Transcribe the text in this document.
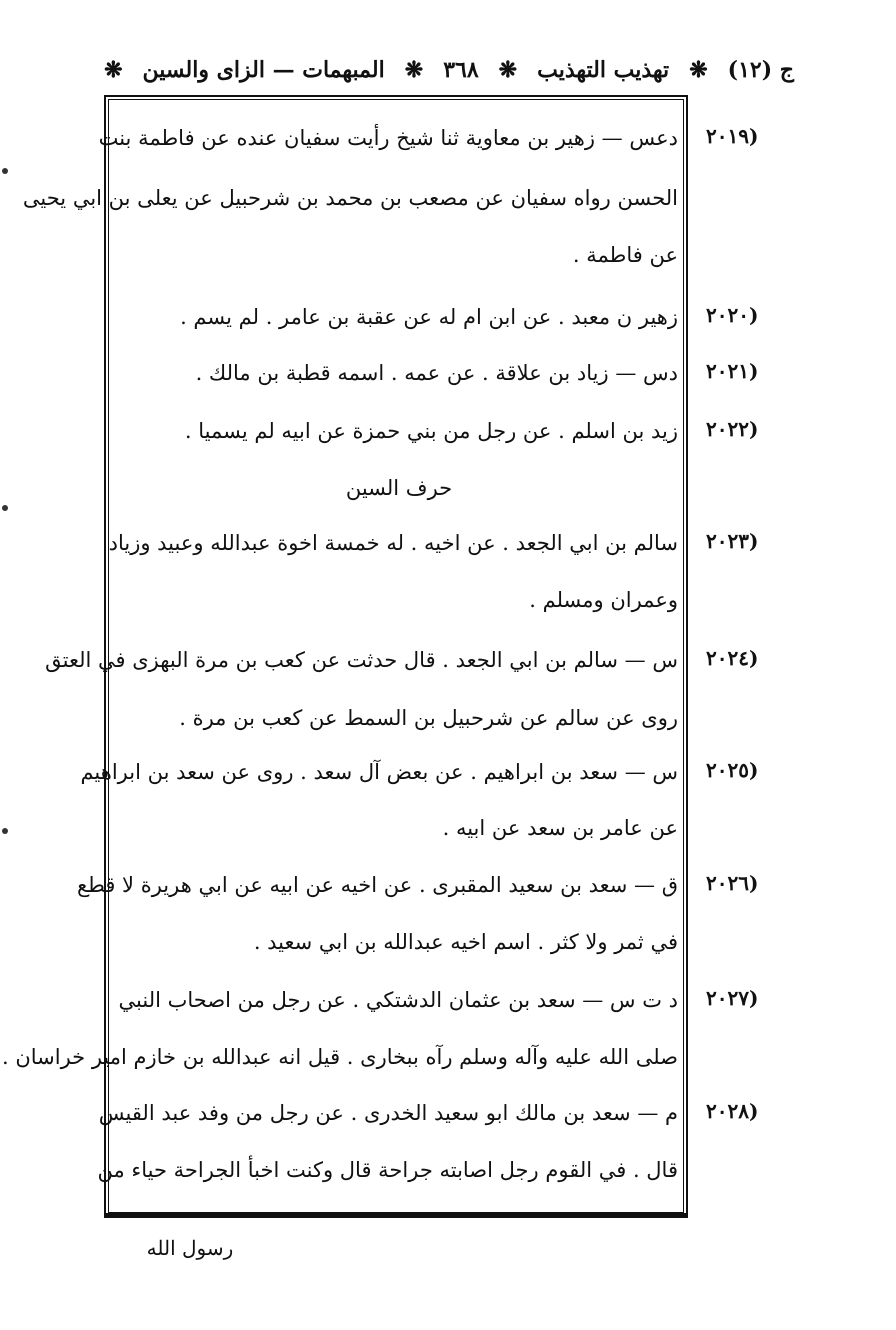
ج (١٢)
❋
تهذيب التهذيب
❋
٣٦٨
❋
المبهمات — الزاى والسين
❋
(٢٠١٩
دعس — زهير بن معاوية ثنا شيخ رأيت سفيان عنده عن فاطمة بنت
الحسن رواه سفيان عن مصعب بن محمد بن شرحبيل عن يعلى بن ابي يحيى
عن فاطمة .
(٢٠٢٠
زهير ن معبد . عن ابن ام له عن عقبة بن عامر . لم يسم .
(٢٠٢١
دس — زياد بن علاقة . عن عمه . اسمه قطبة بن مالك .
(٢٠٢٢
زيد بن اسلم . عن رجل من بني حمزة عن ابيه لم يسميا .
حرف السين
(٢٠٢٣
سالم بن ابي الجعد . عن اخيه . له خمسة اخوة عبدالله وعبيد وزياد
وعمران ومسلم .
(٢٠٢٤
س — سالم بن ابي الجعد . قال حدثت عن كعب بن مرة البهزى في العتق
روى عن سالم عن شرحبيل بن السمط عن كعب بن مرة .
(٢٠٢٥
س — سعد بن ابراهيم . عن بعض آل سعد . روى عن سعد بن ابراهيم
عن عامر بن سعد عن ابيه .
(٢٠٢٦
ق — سعد بن سعيد المقبرى . عن اخيه عن ابيه عن ابي هريرة لا قطع
في ثمر ولا كثر . اسم اخيه عبدالله بن ابي سعيد .
(٢٠٢٧
د ت س — سعد بن عثمان الدشتكي . عن رجل من اصحاب النبي
صلى الله عليه وآله وسلم رآه ببخارى . قيل انه عبدالله بن خازم امير خراسان .
(٢٠٢٨
م — سعد بن مالك ابو سعيد الخدرى . عن رجل من وفد عبد القيس
قال . في القوم رجل اصابته جراحة قال وكنت اخبأ الجراحة حياء من
رسول الله
